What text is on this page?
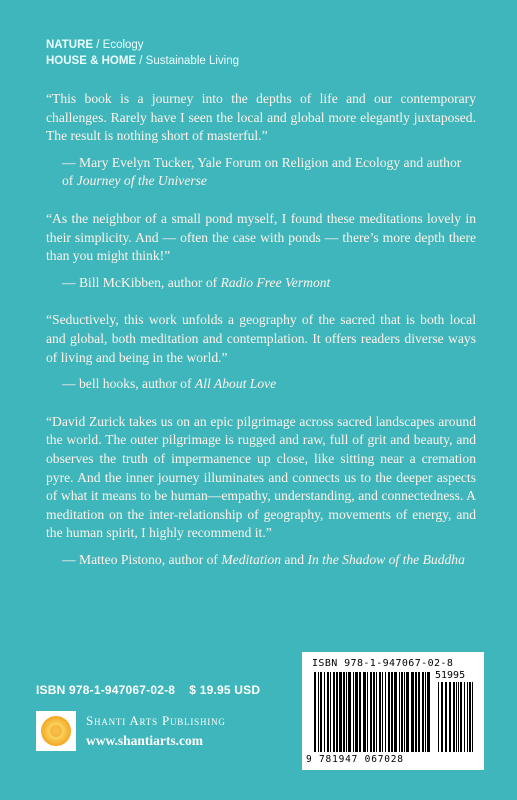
NATURE / Ecology
HOUSE & HOME / Sustainable Living

“This book is a journey into the depths of life and our contemporary challenges. Rarely have I seen the local and global more elegantly juxtaposed. The result is nothing short of masterful.”

— Mary Evelyn Tucker, Yale Forum on Religion and Ecology and author of Journey of the Universe

“As the neighbor of a small pond myself, I found these meditations lovely in their simplicity. And — often the case with ponds — there’s more depth there than you might think!”

— Bill McKibben, author of Radio Free Vermont

“Seductively, this work unfolds a geography of the sacred that is both local and global, both meditation and contemplation. It offers readers diverse ways of living and being in the world.”

— bell hooks, author of All About Love

“David Zurick takes us on an epic pilgrimage across sacred landscapes around the world. The outer pilgrimage is rugged and raw, full of grit and beauty, and observes the truth of impermanence up close, like sitting near a cremation pyre. And the inner journey illuminates and connects us to the deeper aspects of what it means to be human—empathy, understanding, and connectedness. A meditation on the inter-relationship of geography, movements of energy, and the human spirit, I highly recommend it.”

— Matteo Pistono, author of Meditation and In the Shadow of the Buddha
ISBN 978-1-947067-02-8    $ 19.95 USD
Shanti Arts Publishing
www.shantiarts.com
ISBN 978-1-947067-02-8
51995
9 781947 067028
